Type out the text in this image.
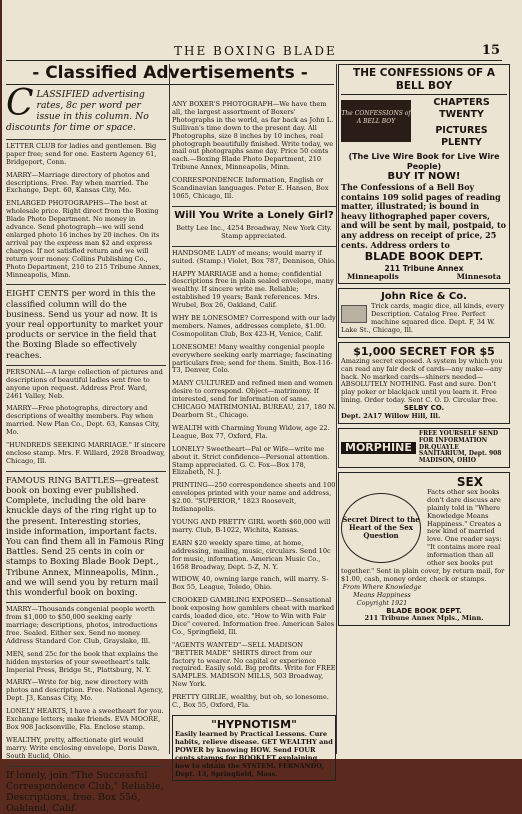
THE BOXING BLADE	15
- Classified Advertisements -
C LASSIFIED advertising rates, 8c per word per issue in this column. No discounts for time or space.
LETTER CLUB for ladies and gentlemen. Big paper free; send for one. Eastern Agency 61, Bridgeport, Conn.
MARRY—Marriage directory of photos and descriptions. Free. Pay when married. The Exchange, Dept. 60, Kansas City, Mo.
ENLARGED PHOTOGRAPHS—The best at wholesale price. Right direct from the Boxing Blade Photo Department. No money in advance. Send photograph—we will send enlarged photo 16 inches by 20 inches. On its arrival pay the express man $2 and express charges. If not satisfied return and we will return your money. Collins Publishing Co., Photo Department, 210 to 215 Tribune Annex, Minneapolis, Minn.
EIGHT CENTS per word in this the classified column will do the business. Send us your ad now. It is your real opportunity to market your products or service in the field that the Boxing Blade so effectively reaches.
PERSONAL—A large collection of pictures and descriptions of beautiful ladies sent free to anyone upon request. Address Prof. Ward, 2461 Valley, Neb.
MARRY—Free photographs, directory and descriptions of wealthy members. Pay when married. New Plan Co., Dept. 63, Kansas City, Mo.
"HUNDREDS SEEKING MARRIAGE." If sincere enclose stamp. Mrs. F. Willard, 2928 Broadway, Chicago, Ill.
FAMOUS RING BATTLES—greatest book on boxing ever published. Complete, including the old bare knuckle days of the ring right up to the present. Interesting stories, inside information, important facts. You can find them all in Famous Ring Battles. Send 25 cents in coin or stamps to Boxing Blade Book Dept., Tribune Annex, Minneapolis, Minn., and we will send you by return mail this wonderful book on boxing.
MARRY—Thousands congenial people worth from $1,000 to $50,000 seeking early marriage; descriptions, photos, introductions free. Sealed. Either sex. Send no money. Address Standard Cor. Club, Grayslake, Ill.
MEN, send 25c for the book that explains the hidden mysteries of your sweetheart's talk. Imperial Press, Bridge St., Plattsburg, N. Y.
MARRY—Write for big, new directory with photos and description. Free. National Agency, Dept. J3, Kansas City, Mo.
LONELY HEARTS, I have a sweetheart for you. Exchange letters; make friends. EVA MOORE, Box 908 Jacksonville, Fla. Enclose stamp.
WEALTHY, pretty, affectionate girl would marry. Write enclosing envelope, Doris Dawn, South Euclid, Ohio.
If lonely, join "The Successful Correspondence Club," Reliable, Descriptions, free. Box 556, Oakland, Calif.
ANY BOXER'S PHOTOGRAPH—We have them all, the largest assortment of Boxers' Photographs in the world, as far back as John L. Sullivan's time down to the present day. All Photographs, size 8 inches by 10 inches, real photograph beautifully finished. Write today, we mail out photographs same day. Price 50 cents each.—Boxing Blade Photo Department, 210 Tribune Annex, Minneapolis, Minn.
CORRESPONDENCE Information, English or Scandinavian languages. Peter E. Hansen, Box 1065, Chicago, Ill.
Will You Write a Lonely Girl?
Betty Lee Inc., 4254 Broadway, New York City. Stamp appreciated.
HANDSOME LADY of means; would marry if suited. (Stamp.) Violet, Box 787, Dennison, Ohio.
HAPPY MARRIAGE and a home; confidential descriptions free in plain sealed envelope, many wealthy. If sincere write me. Reliable; established 19 years; Bank references. Mrs. Wrubel, Box 26, Oakland, Calif.
WHY BE LONESOME? Correspond with our lady members. Names, addresses complete, $1.00. Cosmopolitan Club, Box 423-H, Venice, Calif.
LONESOME! Many wealthy congenial people everywhere seeking early marriage; fascinating particulars free; send for them. Smith, Box-116-T3, Denver, Colo.
MANY CULTURED and refined men and women desire to correspond. Object—matrimony. If interested, send for information of same. CHICAGO MATRIMONIAL BUREAU, 217, 180 N. Dearborn St., Chicago.
WEALTH with Charming Young Widow, age 22. League, Box 77, Oxford, Fla.
LONELY? Sweetheart—Pal or Wife—write me about it. Strict confidence—Personal attention. Stamp appreciated. G. C. Fox—Box 178, Elizabeth, N. J.
PRINTING—250 correspondence sheets and 100 envelopes printed with your name and address, $2.00. "SUPERIOR," 1823 Roosevelt, Indianapolis.
YOUNG AND PRETTY GIRL worth $60,000 will marry. Club, B-1022, Wichita, Kansas.
EARN $20 weekly spare time, at home, addressing, mailing, music, circulars. Send 10c for music, information. American Music Co., 1658 Broadway, Dept. 5-Z, N. Y.
WIDOW, 40, owning large ranch, will marry. S-Box 55, League, Toledo, Ohio.
CROOKED GAMBLING EXPOSED—Sensational book exposing how gamblers cheat with marked cards, loaded dice, etc. "How to Win with Fair Dice" covered. Information free. American Sales Co., Springfield, Ill.
"AGENTS WANTED"—SELL MADISON "BETTER MADE" SHIRTS direct from our factory to wearer. No capital or experience required. Easily sold. Big profits. Write for FREE SAMPLES. MADISON MILLS, 503 Broadway, New York.
PRETTY GIRLIE, wealthy, but oh, so lonesome. C., Box 55, Oxford, Fla.
"HYPNOTISM"
Easily learned by Practical Lessons. Cure habits, relieve disease. GET WEALTHY and POWER by knowing HOW. Send FOUR cents stamps for BOOKLET explaining how to obtain the SYSTEM. FERNANDO, Dept. 13, Springfield, Mass.
THE CONFESSIONS OF A BELL BOY
The CONFESSIONS of A BELL BOY
CHAPTERS
TWENTY
PICTURES
PLENTY
(The Live Wire Book for Live Wire People)
BUY IT NOW!
The Confessions of a Bell Boy contains 109 solid pages of reading matter, illustrated; is bound in heavy lithographed paper covers, and will be sent by mail, postpaid, to any address on receipt of price, 25 cents. Address orders to
BLADE BOOK DEPT.
211 Tribune Annex
Minneapolis	Minnesota
John Rice & Co.
Trick cards, magic dice, all kinds, every Description. Catalog Free. Perfect machine squared dice. Dept. F, 34 W. Lake St., Chicago, Ill.
$1,000 SECRET FOR $5
Amazing secret exposed. A system by which you can read any fair deck of cards—any make—any back. No marked cards—shiners needed—ABSOLUTELY NOTHING. Fast and sure. Don't play poker or blackjack until you learn it. Free lining. Order today. Sent C. O. D. Circular free.
SELBY CO.
Dept. 2A17 Willow Hill, Ill.
MORPHINE
FREE YOURSELF SEND FOR INFORMATION DR.QUAYLE SANITARIUM, Dept. 908 MADISON, OHIO
SEX
Secret Direct to the Heart of the Sex Question
Facts other sex books don't dare discuss are plainly told in "Where Knowledge Means Happiness." Creates a new kind of married love. One reader says: "It contains more real information than all other sex books put together." Sent in plain cover, by return mail, for $1.00, cash, money order, check or stamps.
From Where Knowledge Means Happiness Copyright 1921
BLADE BOOK DEPT.
211 Tribune Annex Mpls., Minn.
